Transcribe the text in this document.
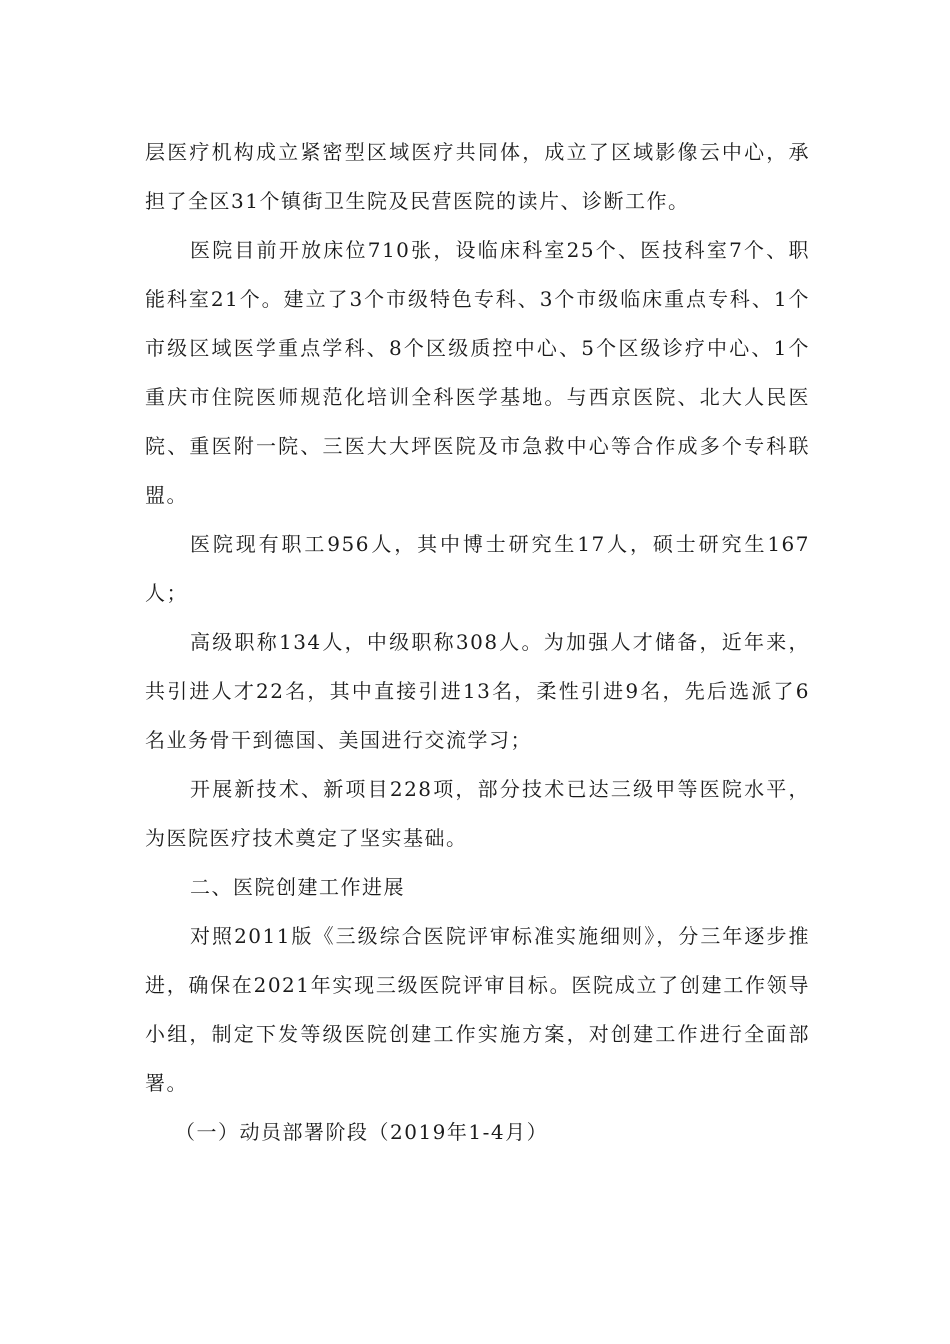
层医疗机构成立紧密型区域医疗共同体，成立了区域影像云中心，承担了全区31个镇街卫生院及民营医院的读片、诊断工作。

医院目前开放床位710张，设临床科室25个、医技科室7个、职能科室21个。建立了3个市级特色专科、3个市级临床重点专科、1个市级区域医学重点学科、8个区级质控中心、5个区级诊疗中心、1个重庆市住院医师规范化培训全科医学基地。与西京医院、北大人民医院、重医附一院、三医大大坪医院及市急救中心等合作成多个专科联盟。

医院现有职工956人，其中博士研究生17人，硕士研究生167人；

高级职称134人，中级职称308人。为加强人才储备，近年来，共引进人才22名，其中直接引进13名，柔性引进9名，先后选派了6名业务骨干到德国、美国进行交流学习；

开展新技术、新项目228项，部分技术已达三级甲等医院水平，为医院医疗技术奠定了坚实基础。

二、医院创建工作进展

对照2011版《三级综合医院评审标准实施细则》，分三年逐步推进，确保在2021年实现三级医院评审目标。医院成立了创建工作领导小组，制定下发等级医院创建工作实施方案，对创建工作进行全面部署。

（一）动员部署阶段（2019年1-4月）
